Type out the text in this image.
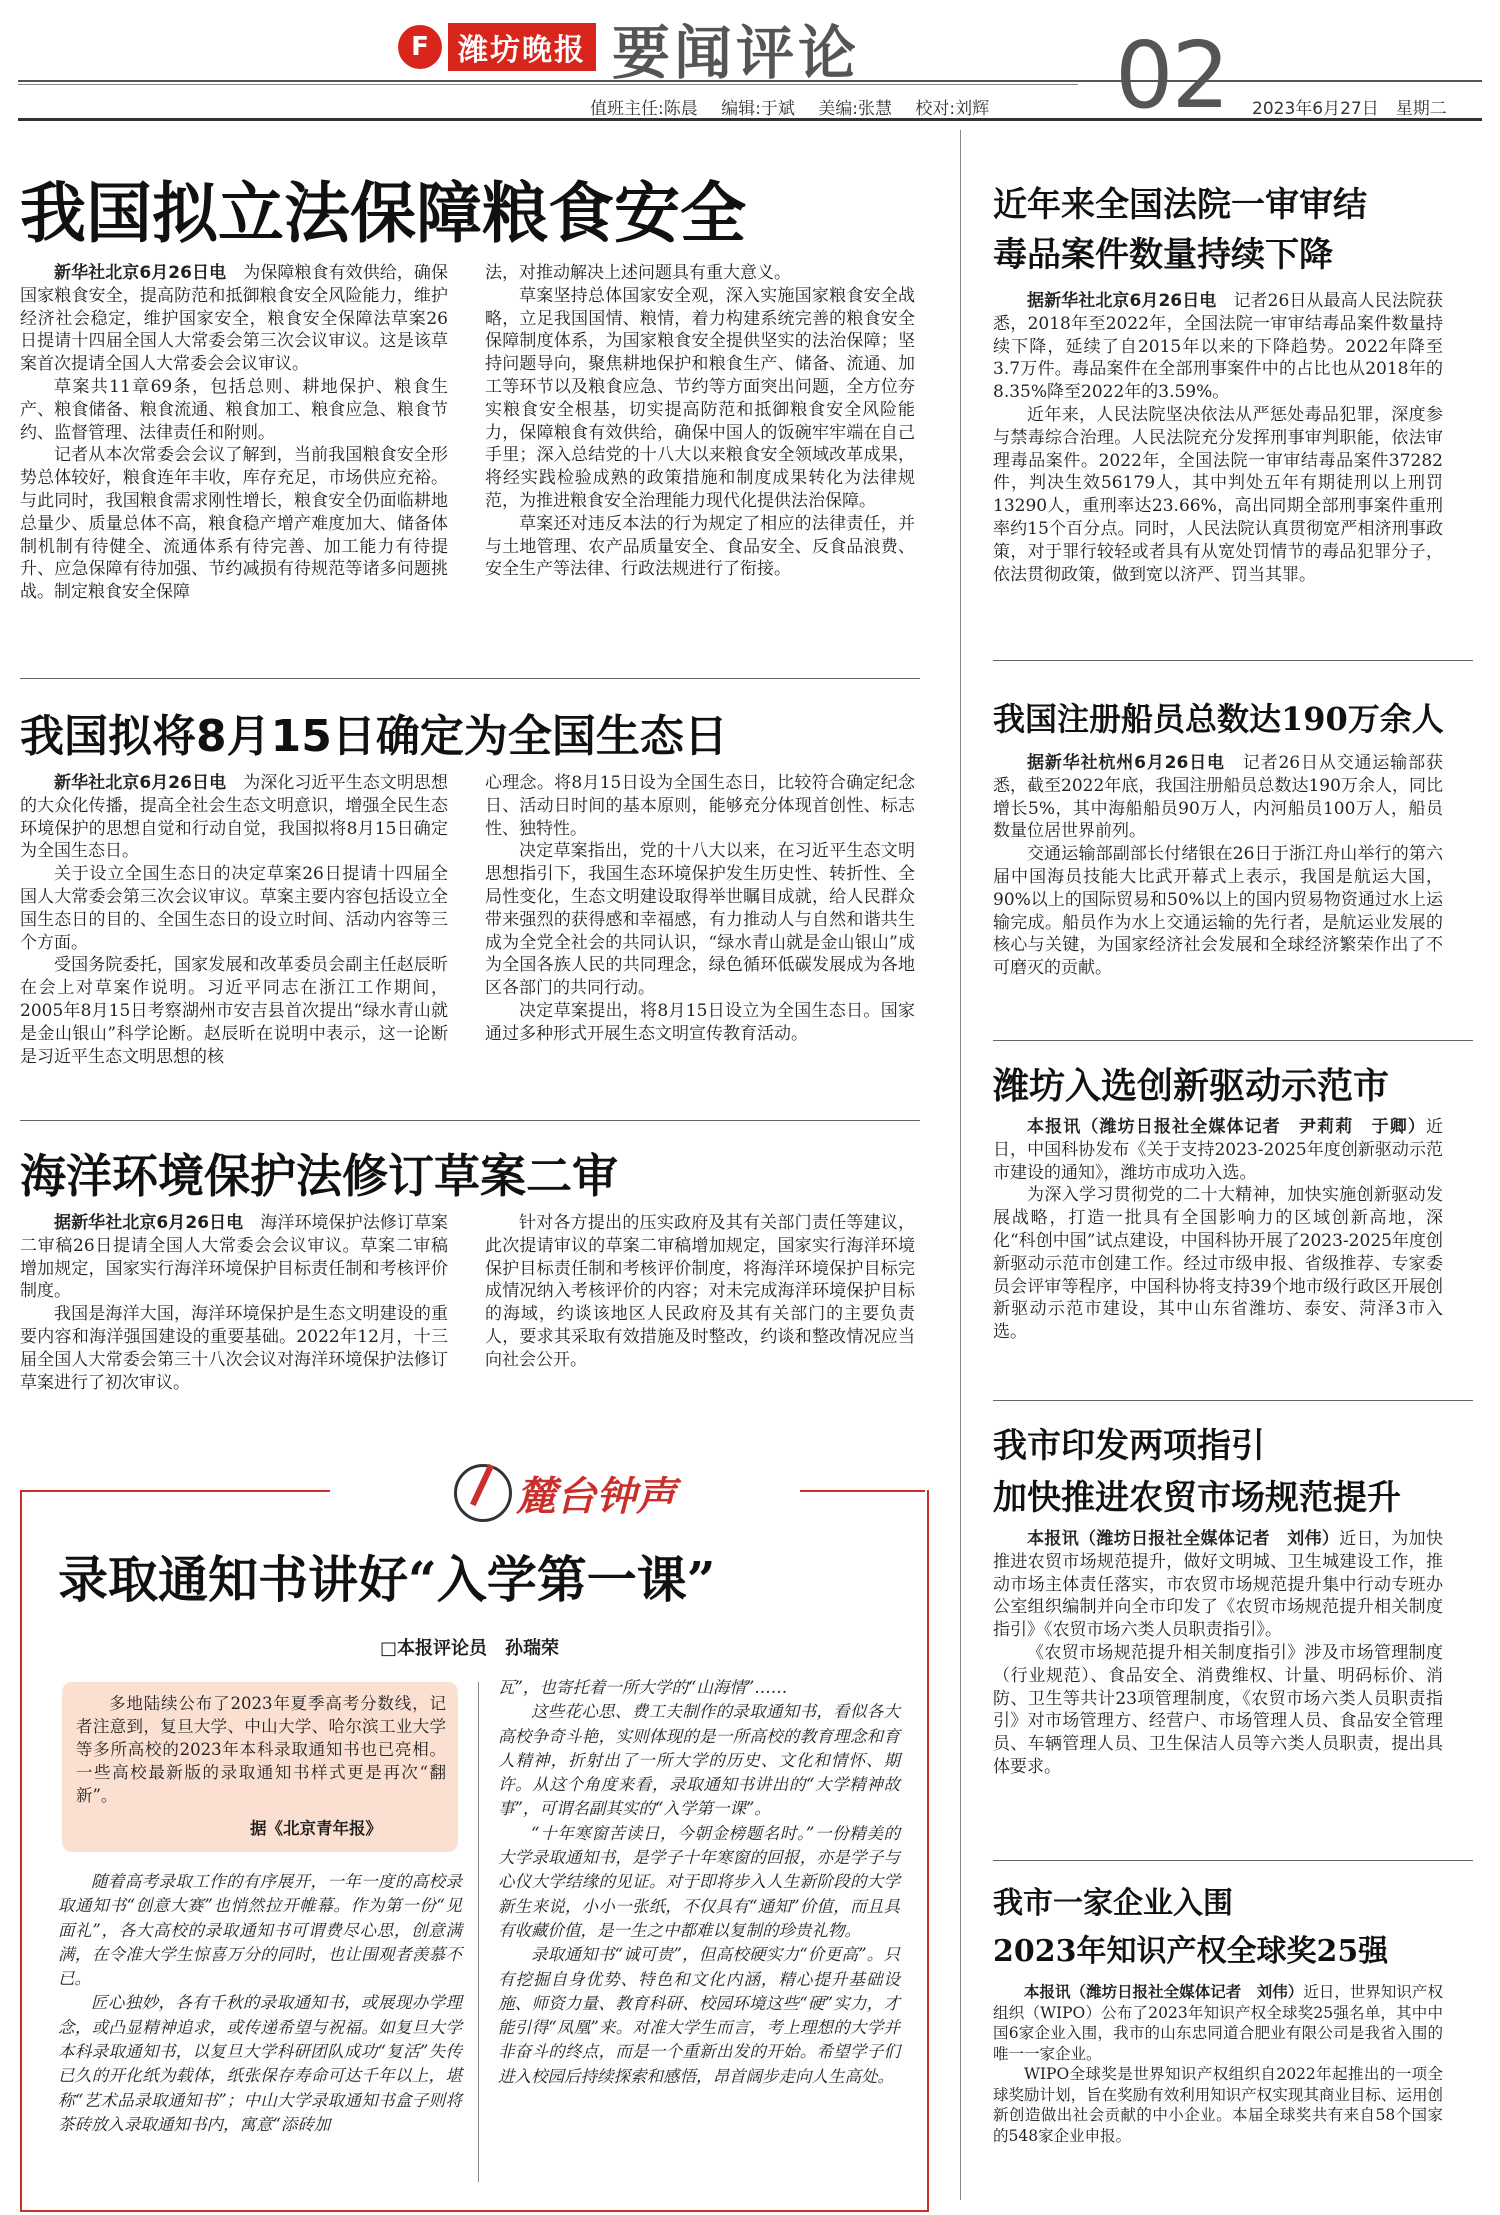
F 潍坊晚报 要闻评论	02
值班主任:陈晨 编辑:于斌 美编:张慧 校对:刘辉	2023年6月27日　星期二
我国拟立法保障粮食安全

新华社北京6月26日电　 为保障粮食有效供给，确保国家粮食安全，提高防范和抵御粮食安全风险能力，维护经济社会稳定，维护国家安全，粮食安全保障法草案26日提请十四届全国人大常委会第三次会议审议。这是该草案首次提请全国人大常委会会议审议。

草案共11章69条，包括总则、耕地保护、粮食生产、粮食储备、粮食流通、粮食加工、粮食应急、粮食节约、监督管理、法律责任和附则。

记者从本次常委会会议了解到，当前我国粮食安全形势总体较好，粮食连年丰收，库存充足，市场供应充裕。与此同时，我国粮食需求刚性增长，粮食安全仍面临耕地总量少、质量总体不高，粮食稳产增产难度加大、储备体制机制有待健全、流通体系有待完善、加工能力有待提升、应急保障有待加强、节约减损有待规范等诸多问题挑战。制定粮食安全保障

法，对推动解决上述问题具有重大意义。

草案坚持总体国家安全观，深入实施国家粮食安全战略，立足我国国情、粮情，着力构建系统完善的粮食安全保障制度体系，为国家粮食安全提供坚实的法治保障；坚持问题导向，聚焦耕地保护和粮食生产、储备、流通、加工等环节以及粮食应急、节约等方面突出问题，全方位夯实粮食安全根基，切实提高防范和抵御粮食安全风险能力，保障粮食有效供给，确保中国人的饭碗牢牢端在自己手里；深入总结党的十八大以来粮食安全领域改革成果，将经实践检验成熟的政策措施和制度成果转化为法律规范，为推进粮食安全治理能力现代化提供法治保障。

草案还对违反本法的行为规定了相应的法律责任，并与土地管理、农产品质量安全、食品安全、反食品浪费、安全生产等法律、行政法规进行了衔接。

我国拟将8月15日确定为全国生态日

新华社北京6月26日电　 为深化习近平生态文明思想的大众化传播，提高全社会生态文明意识，增强全民生态环境保护的思想自觉和行动自觉，我国拟将8月15日确定为全国生态日。

关于设立全国生态日的决定草案26日提请十四届全国人大常委会第三次会议审议。草案主要内容包括设立全国生态日的目的、全国生态日的设立时间、活动内容等三个方面。

受国务院委托，国家发展和改革委员会副主任赵辰昕在会上对草案作说明。习近平同志在浙江工作期间，2005年8月15日考察湖州市安吉县首次提出“绿水青山就是金山银山”科学论断。赵辰昕在说明中表示，这一论断是习近平生态文明思想的核

心理念。将8月15日设为全国生态日，比较符合确定纪念日、活动日时间的基本原则，能够充分体现首创性、标志性、独特性。

决定草案指出，党的十八大以来，在习近平生态文明思想指引下，我国生态环境保护发生历史性、转折性、全局性变化，生态文明建设取得举世瞩目成就，给人民群众带来强烈的获得感和幸福感，有力推动人与自然和谐共生成为全党全社会的共同认识，“绿水青山就是金山银山”成为全国各族人民的共同理念，绿色循环低碳发展成为各地区各部门的共同行动。

决定草案提出，将8月15日设立为全国生态日。国家通过多种形式开展生态文明宣传教育活动。

海洋环境保护法修订草案二审

据新华社北京6月26日电　 海洋环境保护法修订草案二审稿26日提请全国人大常委会会议审议。草案二审稿增加规定，国家实行海洋环境保护目标责任制和考核评价制度。

我国是海洋大国，海洋环境保护是生态文明建设的重要内容和海洋强国建设的重要基础。2022年12月，十三届全国人大常委会第三十八次会议对海洋环境保护法修订草案进行了初次审议。

针对各方提出的压实政府及其有关部门责任等建议，此次提请审议的草案二审稿增加规定，国家实行海洋环境保护目标责任制和考核评价制度，将海洋环境保护目标完成情况纳入考核评价的内容；对未完成海洋环境保护目标的海域，约谈该地区人民政府及其有关部门的主要负责人，要求其采取有效措施及时整改，约谈和整改情况应当向社会公开。

麓台钟声
录取通知书讲好“入学第一课”
□本报评论员　孙瑞荣
多地陆续公布了2023年夏季高考分数线，记者注意到，复旦大学、中山大学、哈尔滨工业大学等多所高校的2023年本科录取通知书也已亮相。一些高校最新版的录取通知书样式更是再次“翻新”。
据《北京青年报》

随着高考录取工作的有序展开，一年一度的高校录取通知书“创意大赛”也悄然拉开帷幕。作为第一份“见面礼”，各大高校的录取通知书可谓费尽心思，创意满满，在令准大学生惊喜万分的同时，也让围观者羡慕不已。

匠心独妙，各有千秋的录取通知书，或展现办学理念，或凸显精神追求，或传递希望与祝福。如复旦大学本科录取通知书，以复旦大学科研团队成功“复活”失传已久的开化纸为载体，纸张保存寿命可达千年以上，堪称“艺术品录取通知书”；中山大学录取通知书盒子则将茶砖放入录取通知书内，寓意“添砖加

瓦”，也寄托着一所大学的“山海情”……

这些花心思、费工夫制作的录取通知书，看似各大高校争奇斗艳，实则体现的是一所高校的教育理念和育人精神，折射出了一所大学的历史、文化和情怀、期许。从这个角度来看，录取通知书讲出的“大学精神故事”，可谓名副其实的“入学第一课”。

“十年寒窗苦读日，今朝金榜题名时。”一份精美的大学录取通知书，是学子十年寒窗的回报，亦是学子与心仪大学结缘的见证。对于即将步入人生新阶段的大学新生来说，小小一张纸，不仅具有“通知”价值，而且具有收藏价值，是一生之中都难以复制的珍贵礼物。

录取通知书“诚可贵”，但高校硬实力“价更高”。只有挖掘自身优势、特色和文化内涵，精心提升基础设施、师资力量、教育科研、校园环境这些“硬”实力，才能引得“凤凰”来。对准大学生而言，考上理想的大学并非奋斗的终点，而是一个重新出发的开始。希望学子们进入校园后持续探索和感悟，昂首阔步走向人生高处。

近年来全国法院一审审结
毒品案件数量持续下降

据新华社北京6月26日电　 记者26日从最高人民法院获悉，2018年至2022年，全国法院一审审结毒品案件数量持续下降，延续了自2015年以来的下降趋势。2022年降至3.7万件。毒品案件在全部刑事案件中的占比也从2018年的8.35%降至2022年的3.59%。

近年来，人民法院坚决依法从严惩处毒品犯罪，深度参与禁毒综合治理。人民法院充分发挥刑事审判职能，依法审理毒品案件。2022年，全国法院一审审结毒品案件37282件，判决生效56179人，其中判处五年有期徒刑以上刑罚13290人，重刑率达23.66%，高出同期全部刑事案件重刑率约15个百分点。同时，人民法院认真贯彻宽严相济刑事政策，对于罪行较轻或者具有从宽处罚情节的毒品犯罪分子，依法贯彻政策，做到宽以济严、罚当其罪。

我国注册船员总数达190万余人

据新华社杭州6月26日电　 记者26日从交通运输部获悉，截至2022年底，我国注册船员总数达190万余人，同比增长5%，其中海船船员90万人，内河船员100万人，船员数量位居世界前列。

交通运输部副部长付绪银在26日于浙江舟山举行的第六届中国海员技能大比武开幕式上表示，我国是航运大国，90%以上的国际贸易和50%以上的国内贸易物资通过水上运输完成。船员作为水上交通运输的先行者，是航运业发展的核心与关键，为国家经济社会发展和全球经济繁荣作出了不可磨灭的贡献。

潍坊入选创新驱动示范市

本报讯（潍坊日报社全媒体记者　尹莉莉　于卿）近日，中国科协发布《关于支持2023-2025年度创新驱动示范市建设的通知》，潍坊市成功入选。

为深入学习贯彻党的二十大精神，加快实施创新驱动发展战略，打造一批具有全国影响力的区域创新高地，深化“科创中国”试点建设，中国科协开展了2023-2025年度创新驱动示范市创建工作。经过市级申报、省级推荐、专家委员会评审等程序，中国科协将支持39个地市级行政区开展创新驱动示范市建设，其中山东省潍坊、泰安、菏泽3市入选。

我市印发两项指引
加快推进农贸市场规范提升

本报讯（潍坊日报社全媒体记者　刘伟）近日，为加快推进农贸市场规范提升，做好文明城、卫生城建设工作，推动市场主体责任落实，市农贸市场规范提升集中行动专班办公室组织编制并向全市印发了《农贸市场规范提升相关制度指引》《农贸市场六类人员职责指引》。

《农贸市场规范提升相关制度指引》涉及市场管理制度（行业规范）、食品安全、消费维权、计量、明码标价、消防、卫生等共计23项管理制度，《农贸市场六类人员职责指引》对市场管理方、经营户、市场管理人员、食品安全管理员、车辆管理人员、卫生保洁人员等六类人员职责，提出具体要求。

我市一家企业入围
2023年知识产权全球奖25强

本报讯（潍坊日报社全媒体记者　刘伟）近日，世界知识产权组织（WIPO）公布了2023年知识产权全球奖25强名单，其中中国6家企业入围，我市的山东忠同道合肥业有限公司是我省入围的唯一一家企业。

WIPO全球奖是世界知识产权组织自2022年起推出的一项全球奖励计划，旨在奖励有效利用知识产权实现其商业目标、运用创新创造做出社会贡献的中小企业。本届全球奖共有来自58个国家的548家企业申报。
